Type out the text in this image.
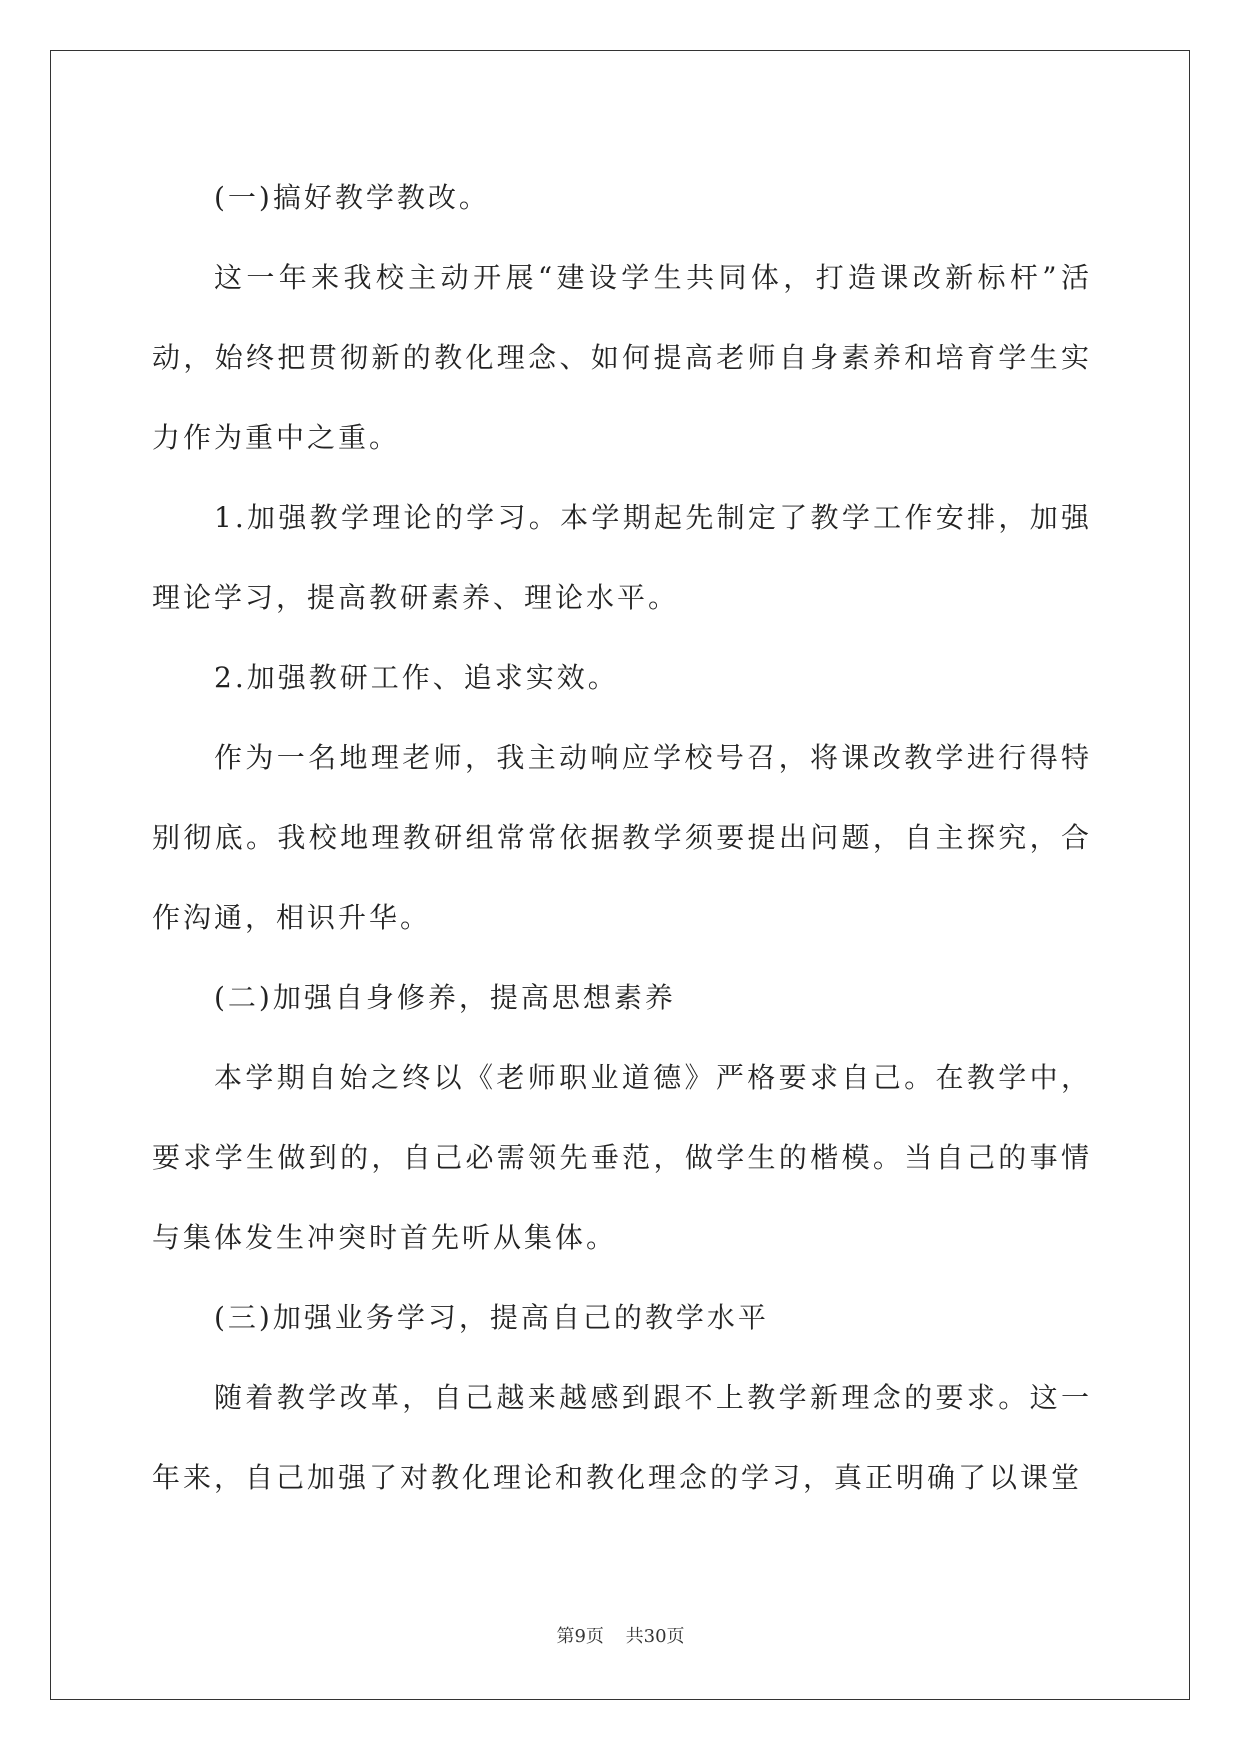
(一)搞好教学教改。

这一年来我校主动开展“建设学生共同体，打造课改新标杆”活动，始终把贯彻新的教化理念、如何提高老师自身素养和培育学生实力作为重中之重。

1.加强教学理论的学习。本学期起先制定了教学工作安排，加强理论学习，提高教研素养、理论水平。

2.加强教研工作、追求实效。

作为一名地理老师，我主动响应学校号召，将课改教学进行得特别彻底。我校地理教研组常常依据教学须要提出问题，自主探究，合作沟通，相识升华。

(二)加强自身修养，提高思想素养

本学期自始之终以《老师职业道德》严格要求自己。在教学中，要求学生做到的，自己必需领先垂范，做学生的楷模。当自己的事情与集体发生冲突时首先听从集体。

(三)加强业务学习，提高自己的教学水平

随着教学改革，自己越来越感到跟不上教学新理念的要求。这一年来，自己加强了对教化理论和教化理念的学习，真正明确了以课堂

第9页 共30页
